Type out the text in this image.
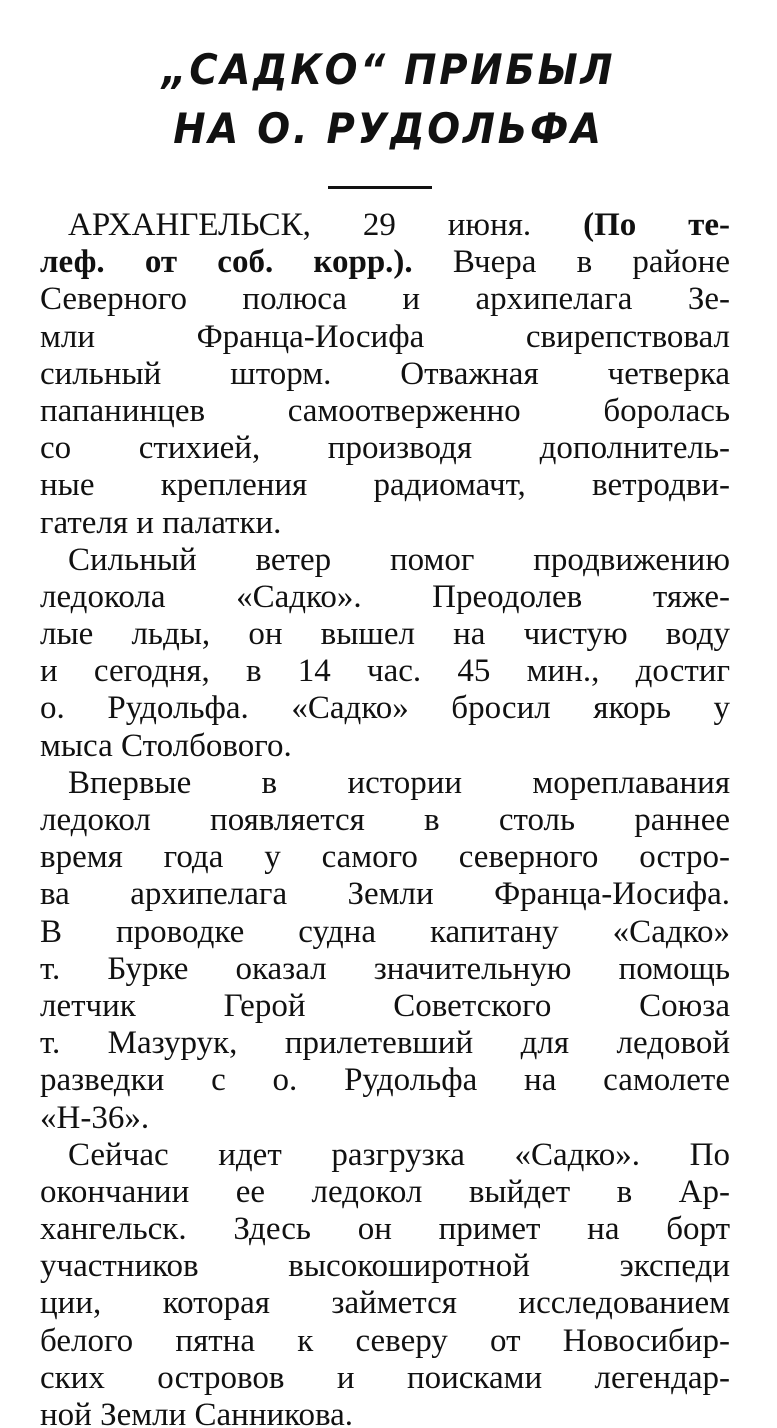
„САДКО“ ПРИБЫЛ
НА О. РУДОЛЬФА
АРХАНГЕЛЬСК, 29 июня. (По те-
леф. от соб. корр.). Вчера в районе
Северного полюса и архипелага Зе-
мли Франца-Иосифа свирепствовал
сильный шторм. Отважная четверка
папанинцев самоотверженно боролась
со стихией, производя дополнитель-
ные крепления радиомачт, ветродви-
гателя и палатки.
Сильный ветер помог продвижению
ледокола «Садко». Преодолев тяже-
лые льды, он вышел на чистую воду
и сегодня, в 14 час. 45 мин., достиг
о. Рудольфа. «Садко» бросил якорь у
мыса Столбового.
Впервые в истории мореплавания
ледокол появляется в столь раннее
время года у самого северного остро-
ва архипелага Земли Франца-Иосифа.
В проводке судна капитану «Садко»
т. Бурке оказал значительную помощь
летчик Герой Советского Союза
т. Мазурук, прилетевший для ледовой
разведки с о. Рудольфа на самолете
«Н-36».
Сейчас идет разгрузка «Садко». По
окончании ее ледокол выйдет в Ар-
хангельск. Здесь он примет на борт
участников высокоширотной экспеди
ции, которая займется исследованием
белого пятна к северу от Новосибир-
ских островов и поисками легендар-
ной Земли Санникова.
